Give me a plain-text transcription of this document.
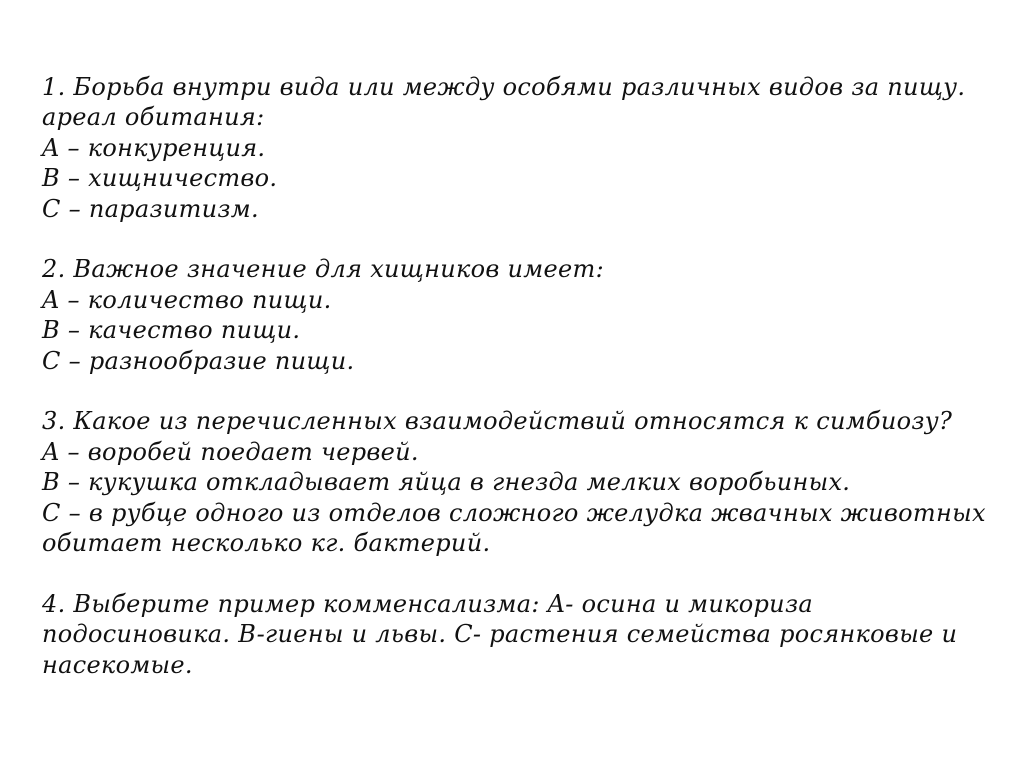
1. Борьба внутри вида или между особями различных видов за пищу.
ареал обитания:
A – конкуренция.
B – хищничество.
C – паразитизм.
2. Важное значение для хищников имеет:
A – количество пищи.
B – качество пищи.
C – разнообразие пищи.
3. Какое из перечисленных взаимодействий относятся к симбиозу?
A – воробей поедает червей.
B – кукушка откладывает яйца в гнезда мелких воробьиных.
C – в рубце одного из отделов сложного желудка жвачных животных
обитает несколько кг. бактерий.
4. Выберите пример комменсализма: A- осина и микориза
подосиновика. B-гиены и львы. C- растения семейства росянковые и
насекомые.
